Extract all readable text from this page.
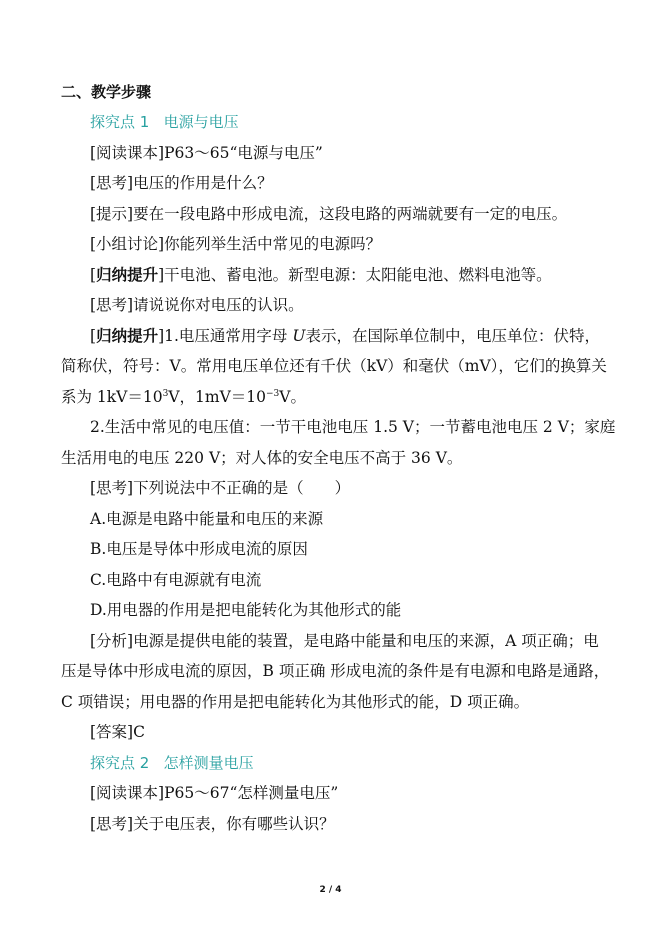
二、教学步骤
探究点 1 电源与电压
[阅读课本]P63～65“电源与电压”
[思考]电压的作用是什么？
[提示]要在一段电路中形成电流，这段电路的两端就要有一定的电压。
[小组讨论]你能列举生活中常见的电源吗？
[归纳提升]干电池、蓄电池。新型电源：太阳能电池、燃料电池等。
[思考]请说说你对电压的认识。
[归纳提升]1.电压通常用字母 U表示，在国际单位制中，电压单位：伏特，
简称伏，符号：V。常用电压单位还有千伏（kV）和毫伏（mV），它们的换算关
系为 $1kV=10^3V$，$1mV=10^{-3}V$。
2.生活中常见的电压值：一节干电池电压 1.5 V；一节蓄电池电压 2 V；家庭
生活用电的电压 220 V；对人体的安全电压不高于 36 V。
[思考]下列说法中不正确的是（　　）
A.电源是电路中能量和电压的来源
B.电压是导体中形成电流的原因
C.电路中有电源就有电流
D.用电器的作用是把电能转化为其他形式的能
[分析]电源是提供电能的装置，是电路中能量和电压的来源，A 项正确；电
压是导体中形成电流的原因，B 项正确 形成电流的条件是有电源和电路是通路，
C 项错误；用电器的作用是把电能转化为其他形式的能，D 项正确。
[答案]C
探究点 2 怎样测量电压
[阅读课本]P65～67“怎样测量电压”
[思考]关于电压表，你有哪些认识？
2 / 4
